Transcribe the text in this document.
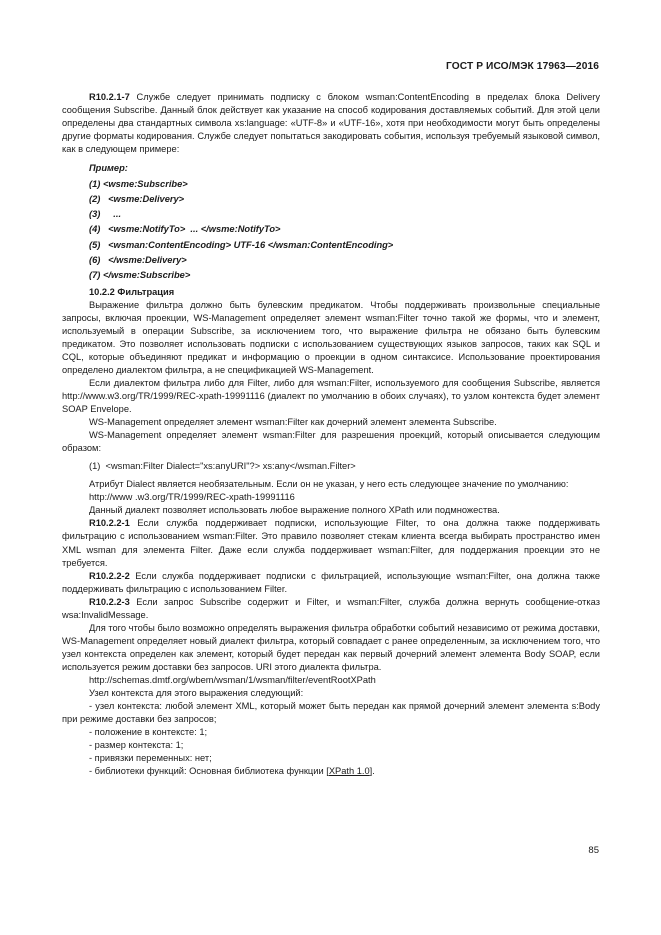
ГОСТ Р ИСО/МЭК 17963—2016

R10.2.1-7 Службе следует принимать подписку с блоком wsman:ContentEncoding в пределах блока Delivery сообщения Subscribe. Данный блок действует как указание на способ кодирования доставляемых событий. Для этой цели определены два стандартных символа xs:language: «UTF-8» и «UTF-16», хотя при необходимости могут быть определены другие форматы кодирования. Службе следует попытаться закодировать события, используя требуемый языковой символ, как в следующем примере:

Пример:
(1) <wsme:Subscribe>
(2)   <wsme:Delivery>
(3)     ...
(4)   <wsme:NotifyTo>  ... </wsme:NotifyTo>
(5)   <wsman:ContentEncoding> UTF-16 </wsman:ContentEncoding>
(6)   </wsme:Delivery>
(7) </wsme:Subscribe>

10.2.2 Фильтрация

Выражение фильтра должно быть булевским предикатом. Чтобы поддерживать произвольные специальные запросы, включая проекции, WS-Management определяет элемент wsman:Filter точно такой же формы, что и элемент, используемый в операции Subscribe, за исключением того, что выражение фильтра не обязано быть булевским предикатом. Это позволяет использовать подписки с использованием существующих языков запросов, таких как SQL и CQL, которые объединяют предикат и информацию о проекции в одном синтаксисе. Использование проектирования определено диалектом фильтра, а не спецификацией WS-Management.

Если диалектом фильтра либо для Filter, либо для wsman:Filter, используемого для сообщения Subscribe, является http://www.w3.org/TR/1999/REC-xpath-19991116 (диалект по умолчанию в обоих случаях), то узлом контекста будет элемент SOAP Envelope.

WS-Management определяет элемент wsman:Filter как дочерний элемент элемента Subscribe.

WS-Management определяет элемент wsman:Filter для разрешения проекций, который описывается следующим образом:

(1)  <wsman:Filter Dialect="xs:anyURI"?> xs:any</wsman.Filter>

Атрибут Dialect является необязательным. Если он не указан, у него есть следующее значение по умолчанию:

http://www .w3.org/TR/1999/REC-xpath-19991116

Данный диалект позволяет использовать любое выражение полного XPath или подмножества.

R10.2.2-1 Если служба поддерживает подписки, использующие Filter, то она должна также поддерживать фильтрацию с использованием wsman:Filter. Это правило позволяет стекам клиента всегда выбирать пространство имен XML wsman для элемента Filter. Даже если служба поддерживает wsman:Filter, для поддержания проекции это не требуется.

R10.2.2-2 Если служба поддерживает подписки с фильтрацией, использующие wsman:Filter, она должна также поддерживать фильтрацию с использованием Filter.

R10.2.2-3 Если запрос Subscribe содержит и Filter, и wsman:Filter, служба должна вернуть сообщение-отказ wsa:InvalidMessage.

Для того чтобы было возможно определять выражения фильтра обработки событий независимо от режима доставки, WS-Management определяет новый диалект фильтра, который совпадает с ранее определенным, за исключением того, что узел контекста определен как элемент, который будет передан как первый дочерний элемент элемента Body SOAP, если используется режим доставки без запросов. URI этого диалекта фильтра.

http://schemas.dmtf.org/wbem/wsman/1/wsman/filter/eventRootXPath

Узел контекста для этого выражения следующий:

- узел контекста: любой элемент XML, который может быть передан как прямой дочерний элемент элемента s:Body при режиме доставки без запросов;

- положение в контексте: 1;

- размер контекста: 1;

- привязки переменных: нет;

- библиотеки функций: Основная библиотека функции [XPath 1.0].

85
